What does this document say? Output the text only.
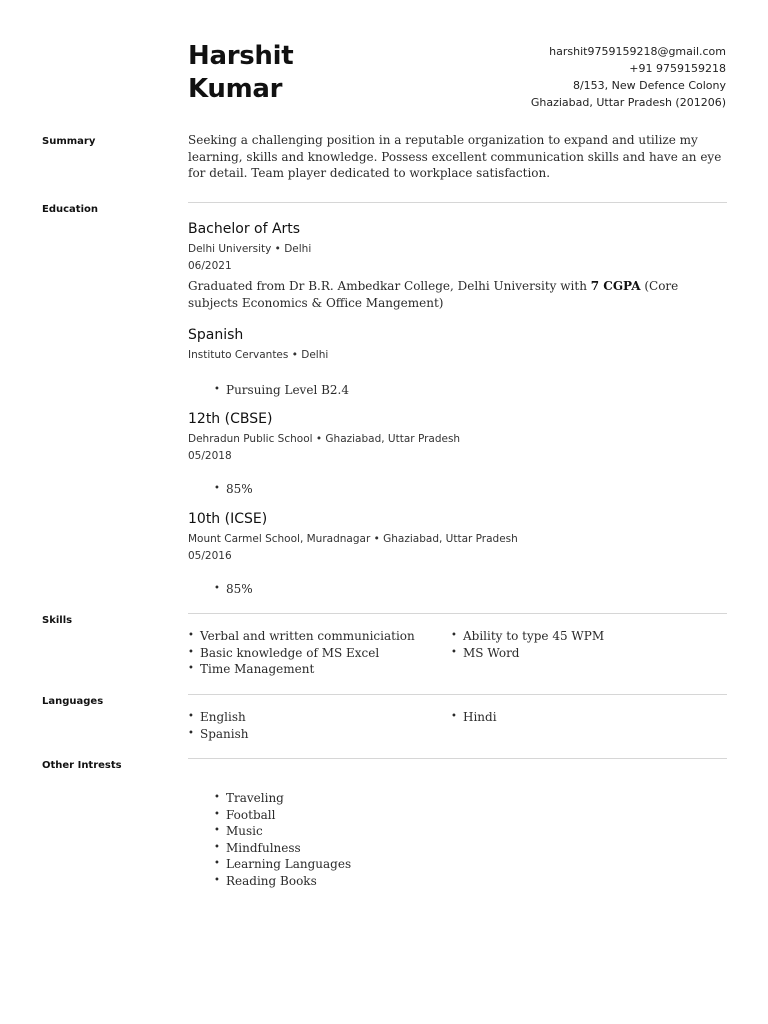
Harshit
Kumar
harshit9759159218@gmail.com
+91 9759159218
8/153, New Defence Colony
Ghaziabad, Uttar Pradesh (201206)
Summary	Seeking a challenging position in a reputable organization to expand and utilize my learning, skills and knowledge. Possess excellent communication skills and have an eye for detail. Team player dedicated to workplace satisfaction.
Education
Bachelor of Arts
Delhi University • Delhi
06/2021
Graduated from Dr B.R. Ambedkar College, Delhi University with 7 CGPA (Core subjects Economics & Office Mangement)
Spanish
Instituto Cervantes • Delhi
• Pursuing Level B2.4
12th (CBSE)
Dehradun Public School • Ghaziabad, Uttar Pradesh
05/2018
• 85%
10th (ICSE)
Mount Carmel School, Muradnagar • Ghaziabad, Uttar Pradesh
05/2016
• 85%
Skills
• Verbal and written communiciation
• Basic knowledge of MS Excel
• Time Management
• Ability to type 45 WPM
• MS Word
Languages
• English
• Spanish
• Hindi
Other Intrests
• Traveling
• Football
• Music
• Mindfulness
• Learning Languages
• Reading Books
